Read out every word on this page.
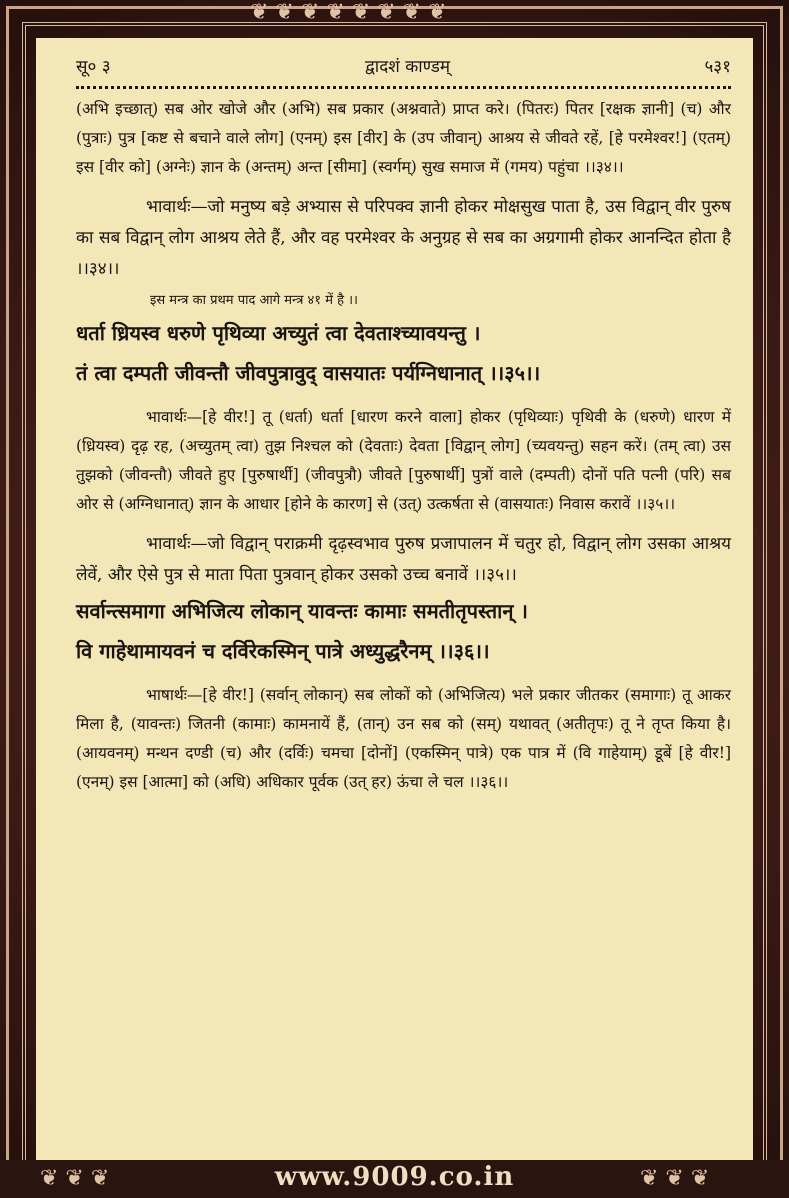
❦ ❦ ❦ ❦ ❦ ❦ ❦ ❦
सू० ३	द्वादशं काण्डम्	५३१

(अभि इच्छात्) सब ओर खोजे और (अभि) सब प्रकार (अश्नवाते) प्राप्त करे। (पितरः) पितर [रक्षक ज्ञानी] (च) और (पुत्राः) पुत्र [कष्ट से बचाने वाले लोग] (एनम्) इस [वीर] के (उप जीवान्) आश्रय से जीवते रहें, [हे परमेश्वर!] (एतम्) इस [वीर को] (अग्नेः) ज्ञान के (अन्तम्) अन्त [सीमा] (स्वर्गम्) सुख समाज में (गमय) पहुंचा ।।३४।।

भावार्थः—जो मनुष्य बड़े अभ्यास से परिपक्व ज्ञानी होकर मोक्षसुख पाता है, उस विद्वान् वीर पुरुष का सब विद्वान् लोग आश्रय लेते हैं, और वह परमेश्वर के अनुग्रह से सब का अग्रगामी होकर आनन्दित होता है ।।३४।।

इस मन्त्र का प्रथम पाद आगे मन्त्र ४१ में है ।।

धर्ता ध्रियस्व धरुणे पृथिव्या अच्युतं त्वा देवताश्च्यावयन्तु ।

तं त्वा दम्पती जीवन्तौ जीवपुत्रावुद् वासयातः पर्यग्निधानात् ।।३५।।

भावार्थः—[हे वीर!] तू (धर्ता) धर्ता [धारण करने वाला] होकर (पृथिव्याः) पृथिवी के (धरुणे) धारण में (ध्रियस्व) दृढ़ रह, (अच्युतम् त्वा) तुझ निश्चल को (देवताः) देवता [विद्वान् लोग] (च्यवयन्तु) सहन करें। (तम् त्वा) उस तुझको (जीवन्तौ) जीवते हुए [पुरुषार्थी] (जीवपुत्रौ) जीवते [पुरुषार्थी] पुत्रों वाले (दम्पती) दोनों पति पत्नी (परि) सब ओर से (अग्निधानात्) ज्ञान के आधार [होने के कारण] से (उत्) उत्कर्षता से (वासयातः) निवास करावें ।।३५।।

भावार्थः—जो विद्वान् पराक्रमी दृढ़स्वभाव पुरुष प्रजापालन में चतुर हो, विद्वान् लोग उसका आश्रय लेवें, और ऐसे पुत्र से माता पिता पुत्रवान् होकर उसको उच्च बनावें ।।३५।।

सर्वान्त्समागा अभिजित्य लोकान् यावन्तः कामाः समतीतृपस्तान् ।

वि गाहेथामायवनं च दर्विरेकस्मिन् पात्रे अध्युद्धरैनम् ।।३६।।

भाषार्थः—[हे वीर!] (सर्वान् लोकान्) सब लोकों को (अभिजित्य) भले प्रकार जीतकर (समागाः) तू आकर मिला है, (यावन्तः) जितनी (कामाः) कामनायें हैं, (तान्) उन सब को (सम्) यथावत् (अतीतृपः) तू ने तृप्त किया है। (आयवनम्) मन्थन दण्डी (च) और (दर्विः) चमचा [दोनों] (एकस्मिन् पात्रे) एक पात्र में (वि गाहेयाम्) डूबें [हे वीर!] (एनम्) इस [आत्मा] को (अधि) अधिकार पूर्वक (उत् हर) ऊंचा ले चल ।।३६।।

❦ ❦ ❦	❦ ❦ ❦
www.9009.co.in
